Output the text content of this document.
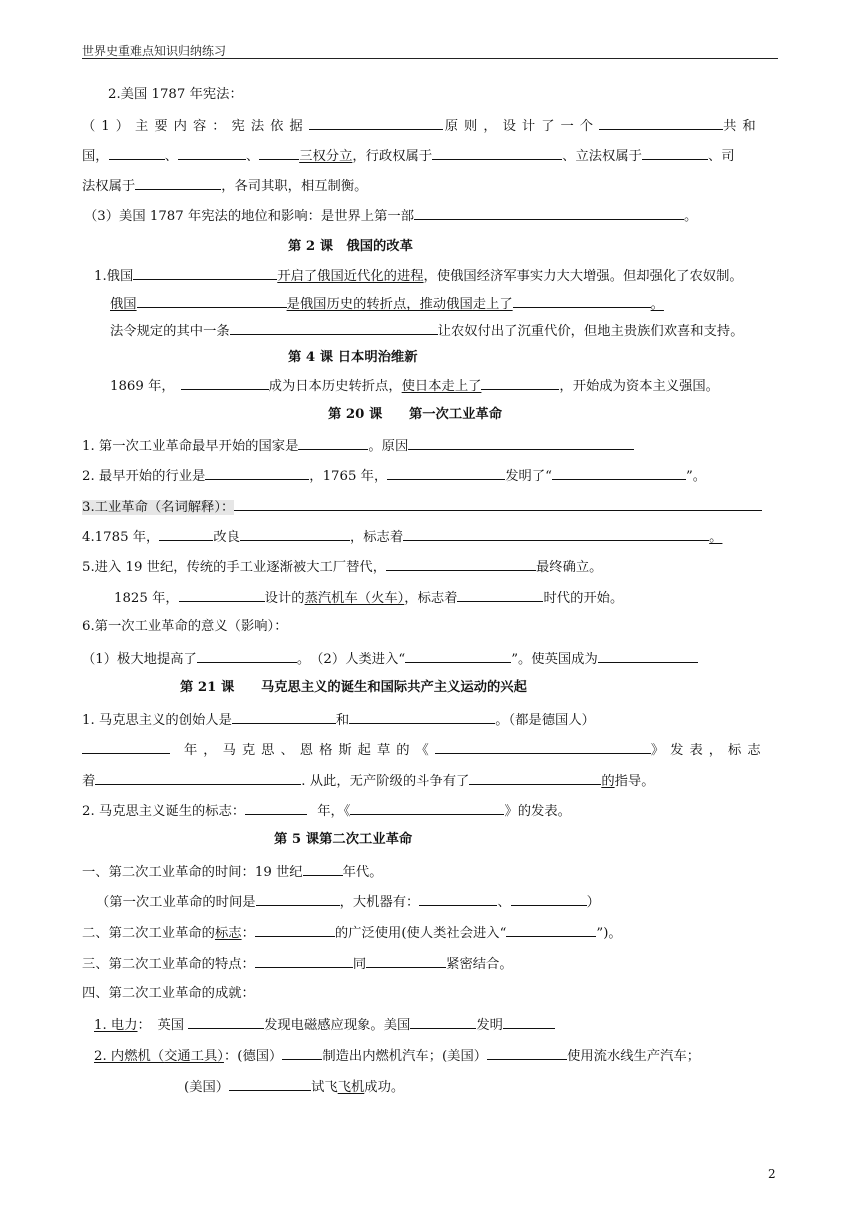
世界史重难点知识归纳练习
2.美国 1787 年宪法：
（1）主要内容：宪法依据	原则，设计了一个	共和
国，	、	、	三权分立，行政权属于	、立法权属于	、司
法权属于	，各司其职，相互制衡。
（3）美国 1787 年宪法的地位和影响：是世界上第一部	。
第 2 课　俄国的改革
1.俄国	开启了俄国近代化的进程，使俄国经济军事实力大大增强。但却强化了农奴制。
俄国	是俄国历史的转折点，推动俄国走上了	。
法令规定的其中一条	让农奴付出了沉重代价，但地主贵族们欢喜和支持。
第 4 课 日本明治维新
1869 年，	成为日本历史转折点，使日本走上了	，开始成为资本主义强国。
第 20 课　　第一次工业革命
1. 第一次工业革命最早开始的国家是	。原因
2. 最早开始的行业是	，1765 年，	发明了“	”。
3.工业革命（名词解释）：
4.1785 年，	改良	，标志着	。
5.进入 19 世纪，传统的手工业逐渐被大工厂替代，	最终确立。
1825 年，	设计的蒸汽机车（火车），标志着	时代的开始。
6.第一次工业革命的意义（影响）：
（1）极大地提高了	。　（2）人类进入“	”。使英国成为
第 21 课　　马克思主义的诞生和国际共产主义运动的兴起
1. 马克思主义的创始人是	和	。（都是德国人）
年，马克思、恩格斯起草的《	》发表，标志
着	. 从此，无产阶级的斗争有了	的指导。
2. 马克思主义诞生的标志：	年，《	》的发表。
第 5 课第二次工业革命
一、第二次工业革命的时间：19 世纪	年代。
（第一次工业革命的时间是	，大机器有：	、	）
二、第二次工业革命的标志：	的广泛使用(使人类社会进入“	”)。
三、第二次工业革命的特点：	同	紧密结合。
四、第二次工业革命的成就：
1. 电力：　英国	发现电磁感应现象。美国	发明
2. 内燃机（交通工具）：(德国）	制造出内燃机汽车；(美国）	使用流水线生产汽车；
(美国）	试飞飞机成功。
2
